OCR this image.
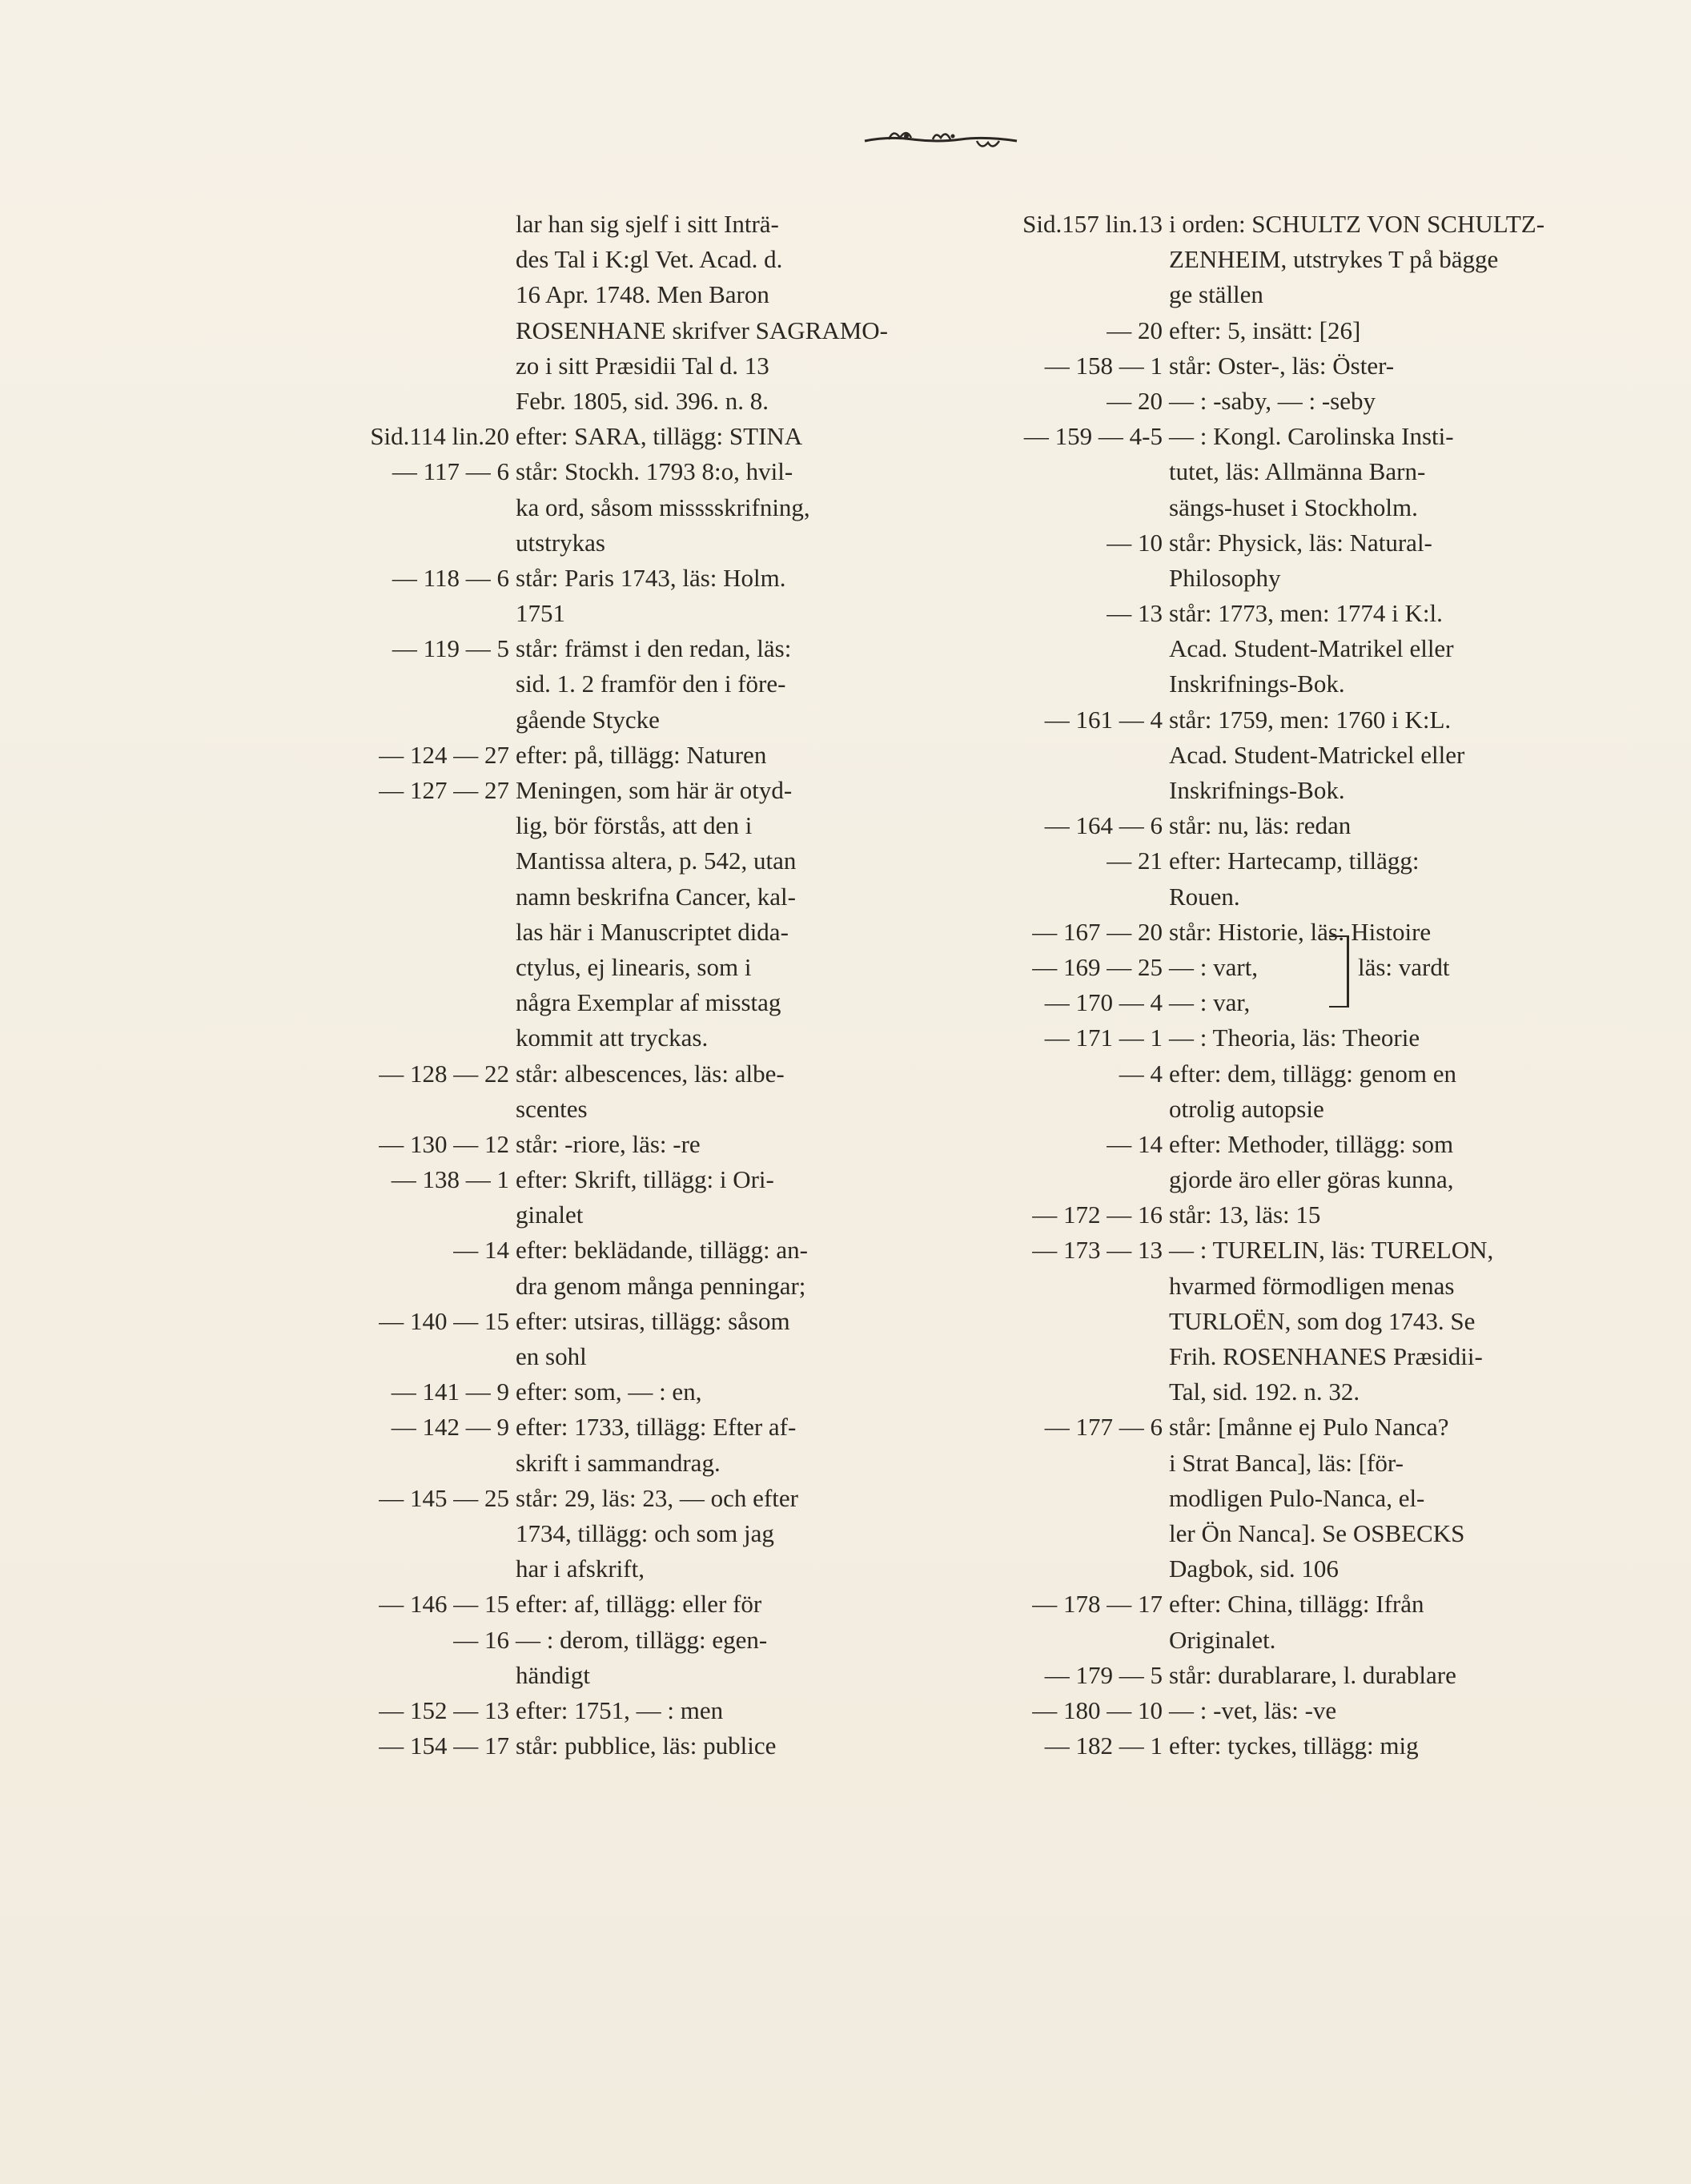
lar han sig sjelf i sitt Inträ-
des Tal i K:gl Vet. Acad. d.
16 Apr. 1748. Men Baron
ROSENHANE skrifver SAGRAMO-
zo i sitt Præsidii Tal d. 13
Febr. 1805, sid. 396. n. 8.
Sid.114 lin.20 efter: SARA, tillägg: STINA
— 117 — 6 står: Stockh. 1793 8:o, hvil-
ka ord, såsom misssskrifning,
utstrykas
— 118 — 6 står: Paris 1743, läs: Holm.
1751
— 119 — 5 står: främst i den redan, läs:
sid. 1. 2 framför den i före-
gående Stycke
— 124 — 27 efter: på, tillägg: Naturen
— 127 — 27 Meningen, som här är otyd-
lig, bör förstås, att den i
Mantissa altera, p. 542, utan
namn beskrifna Cancer, kal-
las här i Manuscriptet dida-
ctylus, ej linearis, som i
några Exemplar af misstag
kommit att tryckas.
— 128 — 22 står: albescences, läs: albe-
scentes
— 130 — 12 står: -riore, läs: -re
— 138 — 1 efter: Skrift, tillägg: i Ori-
ginalet
— 14 efter: beklädande, tillägg: an-
dra genom många penningar;
— 140 — 15 efter: utsiras, tillägg: såsom
en sohl
— 141 — 9 efter: som, — : en,
— 142 — 9 efter: 1733, tillägg: Efter af-
skrift i sammandrag.
— 145 — 25 står: 29, läs: 23, — och efter
1734, tillägg: och som jag
har i afskrift,
— 146 — 15 efter: af, tillägg: eller för
— 16 — : derom, tillägg: egen-
händigt
— 152 — 13 efter: 1751, — : men
— 154 — 17 står: pubblice, läs: publice
Sid.157 lin.13 i orden: SCHULTZ VON SCHULTZ-
ZENHEIM, utstrykes T på bägge
ge ställen
— 20 efter: 5, insätt: [26]
— 158 — 1 står: Oster-, läs: Öster-
— 20 — : -saby, — : -seby
— 159 — 4-5 — : Kongl. Carolinska Insti-
tutet, läs: Allmänna Barn-
sängs-huset i Stockholm.
— 10 står: Physick, läs: Natural-
Philosophy
— 13 står: 1773, men: 1774 i K:l.
Acad. Student-Matrikel eller
Inskrifnings-Bok.
— 161 — 4 står: 1759, men: 1760 i K:L.
Acad. Student-Matrickel eller
Inskrifnings-Bok.
— 164 — 6 står: nu, läs: redan
— 21 efter: Hartecamp, tillägg:
Rouen.
— 167 — 20 står: Historie, läs: Histoire
— 169 — 25 — : vart,
— 170 — 4 — : var,
— 171 — 1 — : Theoria, läs: Theorie
— 4 efter: dem, tillägg: genom en
otrolig autopsie
— 14 efter: Methoder, tillägg: som
gjorde äro eller göras kunna,
— 172 — 16 står: 13, läs: 15
— 173 — 13 — : TURELIN, läs: TURELON,
hvarmed förmodligen menas
TURLOËN, som dog 1743. Se
Frih. ROSENHANES Præsidii-
Tal, sid. 192. n. 32.
— 177 — 6 står: [månne ej Pulo Nanca?
i Strat Banca], läs: [för-
modligen Pulo-Nanca, el-
ler Ön Nanca]. Se OSBECKS
Dagbok, sid. 106
— 178 — 17 efter: China, tillägg: Ifrån
Originalet.
— 179 — 5 står: durablarare, l. durablare
— 180 — 10 — : -vet, läs: -ve
— 182 — 1 efter: tyckes, tillägg: mig
läs: vardt
